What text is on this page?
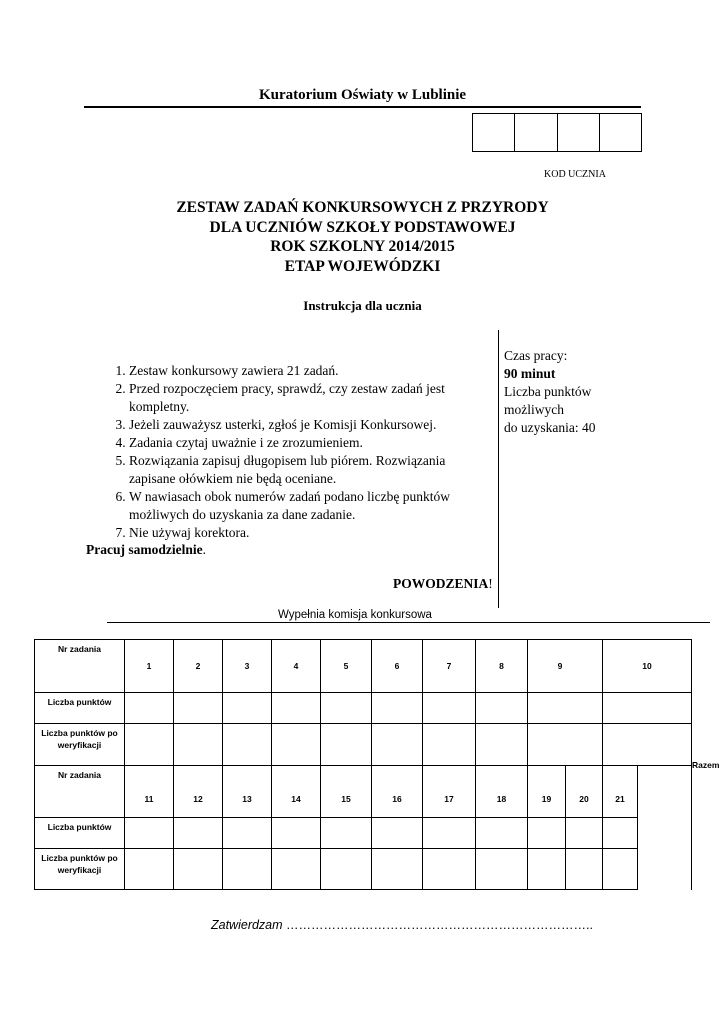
Kuratorium Oświaty w Lublinie
KOD UCZNIA
ZESTAW ZADAŃ KONKURSOWYCH Z PRZYRODY
DLA UCZNIÓW SZKOŁY PODSTAWOWEJ
ROK SZKOLNY 2014/2015
ETAP WOJEWÓDZKI
Instrukcja dla ucznia
Czas pracy:
90 minut
Liczba punktów
możliwych
do uzyskania: 40
1. Zestaw konkursowy zawiera 21 zadań.
2. Przed rozpoczęciem pracy, sprawdź, czy zestaw zadań jest kompletny.
3. Jeżeli zauważysz usterki, zgłoś je Komisji Konkursowej.
4. Zadania czytaj uważnie i ze zrozumieniem.
5. Rozwiązania zapisuj długopisem lub piórem. Rozwiązania zapisane ołówkiem nie będą oceniane.
6. W nawiasach obok numerów zadań podano liczbę punktów możliwych do uzyskania za dane zadanie.
7. Nie używaj korektora.
Pracuj samodzielnie.
POWODZENIA!
Wypełnia komisja konkursowa
Nr zadania	1	2	3	4	5	6	7	8	9		10	Razem
Liczba punktów												

Liczba punktów po
weryfikacji												

Nr zadania	11	12	13	14	15	16	17	18	19	20	21	
Liczba punktów												

Liczba punktów po
weryfikacji												

Zatwierdzam ………………………………………………………………..
